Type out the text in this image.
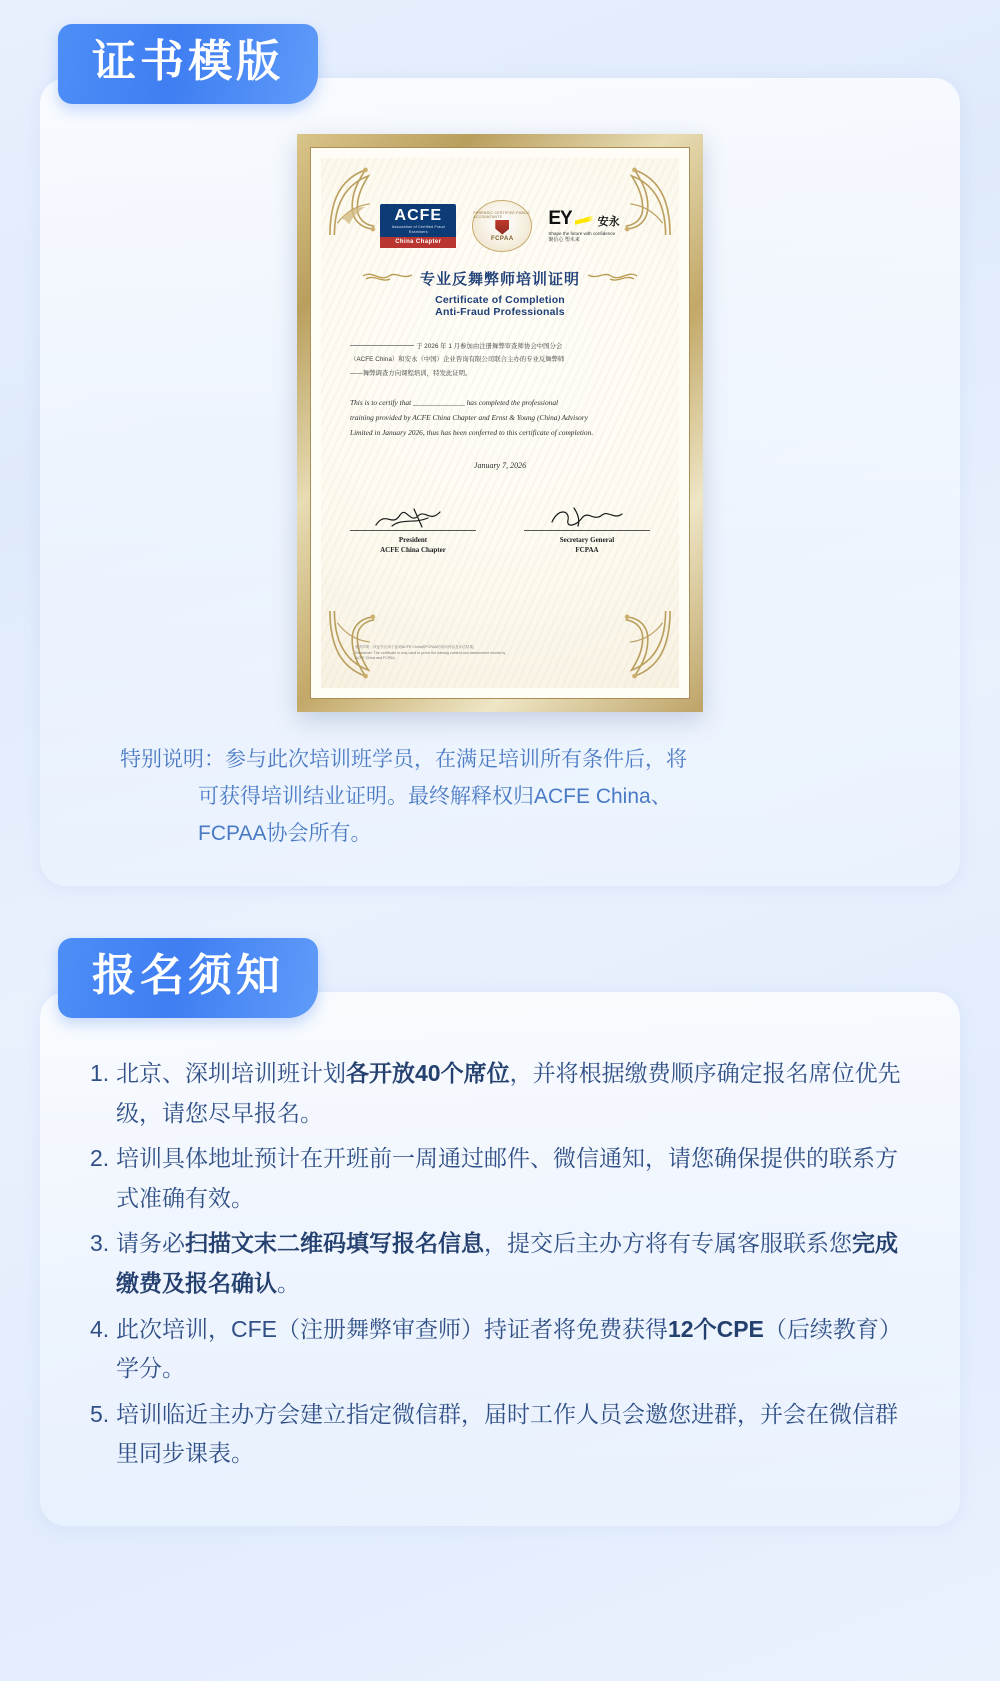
证书模版
ACFE
Association of Certified Fraud Examiners
China Chapter
FORENSIC CERTIFIED PUBLIC ACCOUNTANTS
FCPAA
EY 安永
Shape the future with confidence
聚信心 塑未来
专业反舞弊师培训证明
Certificate of Completion
Anti-Fraud Professionals
于 2026 年 1 月参加由注册舞弊审查师协会中国分会
（ACFE China）和安永（中国）企业咨询有限公司联合主办的专业反舞弊师
——舞弊调查方向课程培训，特发此证明。
This is to certify that ______________ has completed the professional
training provided by ACFE China Chapter and Ernst & Young (China) Advisory
Limited in January 2026, thus has been conferred to this certificate of completion.
January 7, 2026
President
ACFE China Chapter
Secretary General
FCPAA
免责声明：该证书仅用于证明ACFE China和FCPAA的培训内容及评估结果。
Disclaimer: The certificate is only used to prove the training content and assessment results by
ACFE China and FCPAA.
特别说明：参与此次培训班学员，在满足培训所有条件后，将
可获得培训结业证明。最终解释权归ACFE China、
FCPAA协会所有。
报名须知
北京、深圳培训班计划各开放40个席位，并将根据缴费顺序确定报名席位优先级，请您尽早报名。
培训具体地址预计在开班前一周通过邮件、微信通知，请您确保提供的联系方式准确有效。
请务必扫描文末二维码填写报名信息，提交后主办方将有专属客服联系您完成缴费及报名确认。
此次培训，CFE（注册舞弊审查师）持证者将免费获得12个CPE（后续教育）学分。
培训临近主办方会建立指定微信群，届时工作人员会邀您进群，并会在微信群里同步课表。
